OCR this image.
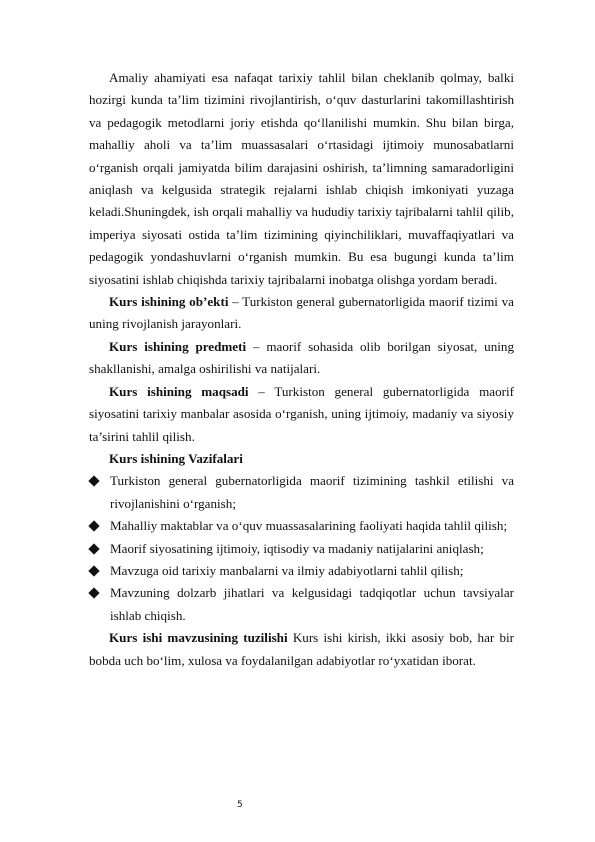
Amaliy ahamiyati esa nafaqat tarixiy tahlil bilan cheklanib qolmay, balki hozirgi kunda ta’lim tizimini rivojlantirish, o‘quv dasturlarini takomillashtirish va pedagogik metodlarni joriy etishda qo‘llanilishi mumkin. Shu bilan birga, mahalliy aholi va ta’lim muassasalari o‘rtasidagi ijtimoiy munosabatlarni o‘rganish orqali jamiyatda bilim darajasini oshirish, ta’limning samaradorligini aniqlash va kelgusida strategik rejalarni ishlab chiqish imkoniyati yuzaga keladi.Shuningdek, ish orqali mahalliy va hududiy tarixiy tajribalarni tahlil qilib, imperiya siyosati ostida ta’lim tizimining qiyinchiliklari, muvaffaqiyatlari va pedagogik yondashuvlarni o‘rganish mumkin. Bu esa bugungi kunda ta’lim siyosatini ishlab chiqishda tarixiy tajribalarni inobatga olishga yordam beradi.

Kurs ishining ob’ekti – Turkiston general gubernatorligida maorif tizimi va uning rivojlanish jarayonlari.

Kurs ishining predmeti – maorif sohasida olib borilgan siyosat, uning shakllanishi, amalga oshirilishi va natijalari.

Kurs ishining maqsadi – Turkiston general gubernatorligida maorif siyosatini tarixiy manbalar asosida o‘rganish, uning ijtimoiy, madaniy va siyosiy ta’sirini tahlil qilish.

Kurs ishining Vazifalari
Turkiston general gubernatorligida maorif tizimining tashkil etilishi va rivojlanishini o‘rganish;
Mahalliy maktablar va o‘quv muassasalarining faoliyati haqida tahlil qilish;
Maorif siyosatining ijtimoiy, iqtisodiy va madaniy natijalarini aniqlash;
Mavzuga oid tarixiy manbalarni va ilmiy adabiyotlarni tahlil qilish;
Mavzuning dolzarb jihatlari va kelgusidagi tadqiqotlar uchun tavsiyalar ishlab chiqish.

Kurs ishi mavzusining tuzilishi Kurs ishi kirish, ikki asosiy bob, har bir bobda uch bo‘lim, xulosa va foydalanilgan adabiyotlar ro‘yxatidan iborat.

5
